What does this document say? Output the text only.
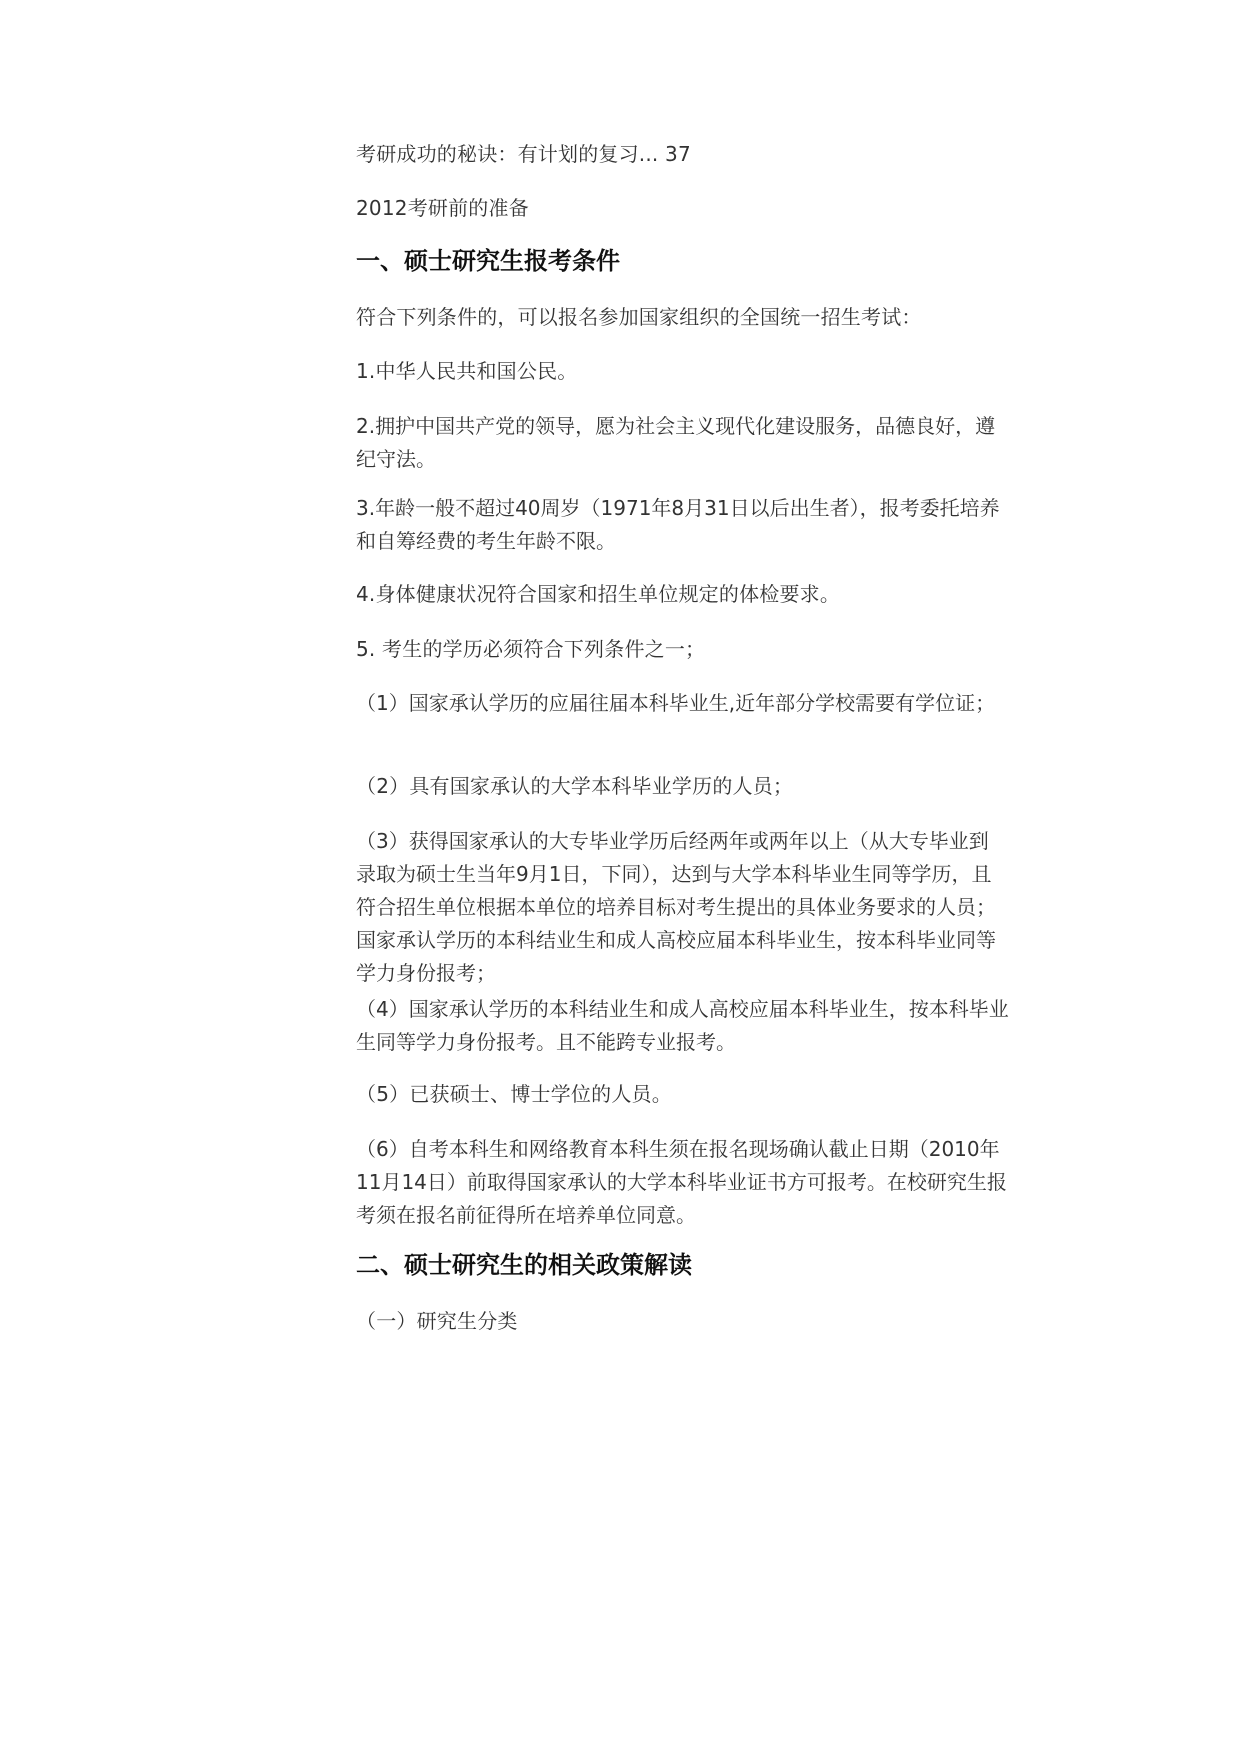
考研成功的秘诀：有计划的复习... 37

2012考研前的准备

一、硕士研究生报考条件

符合下列条件的，可以报名参加国家组织的全国统一招生考试：

1.中华人民共和国公民。

2.拥护中国共产党的领导，愿为社会主义现代化建设服务，品德良好，遵纪守法。

3.年龄一般不超过40周岁（1971年8月31日以后出生者），报考委托培养和自筹经费的考生年龄不限。

4.身体健康状况符合国家和招生单位规定的体检要求。

5. 考生的学历必须符合下列条件之一；

（1）国家承认学历的应届往届本科毕业生,近年部分学校需要有学位证；

（2）具有国家承认的大学本科毕业学历的人员；

（3）获得国家承认的大专毕业学历后经两年或两年以上（从大专毕业到录取为硕士生当年9月1日，下同），达到与大学本科毕业生同等学历，且符合招生单位根据本单位的培养目标对考生提出的具体业务要求的人员；国家承认学历的本科结业生和成人高校应届本科毕业生，按本科毕业同等学力身份报考；

（4）国家承认学历的本科结业生和成人高校应届本科毕业生，按本科毕业生同等学力身份报考。且不能跨专业报考。

（5）已获硕士、博士学位的人员。

（6）自考本科生和网络教育本科生须在报名现场确认截止日期（2010年11月14日）前取得国家承认的大学本科毕业证书方可报考。在校研究生报考须在报名前征得所在培养单位同意。

二、硕士研究生的相关政策解读

（一）研究生分类
